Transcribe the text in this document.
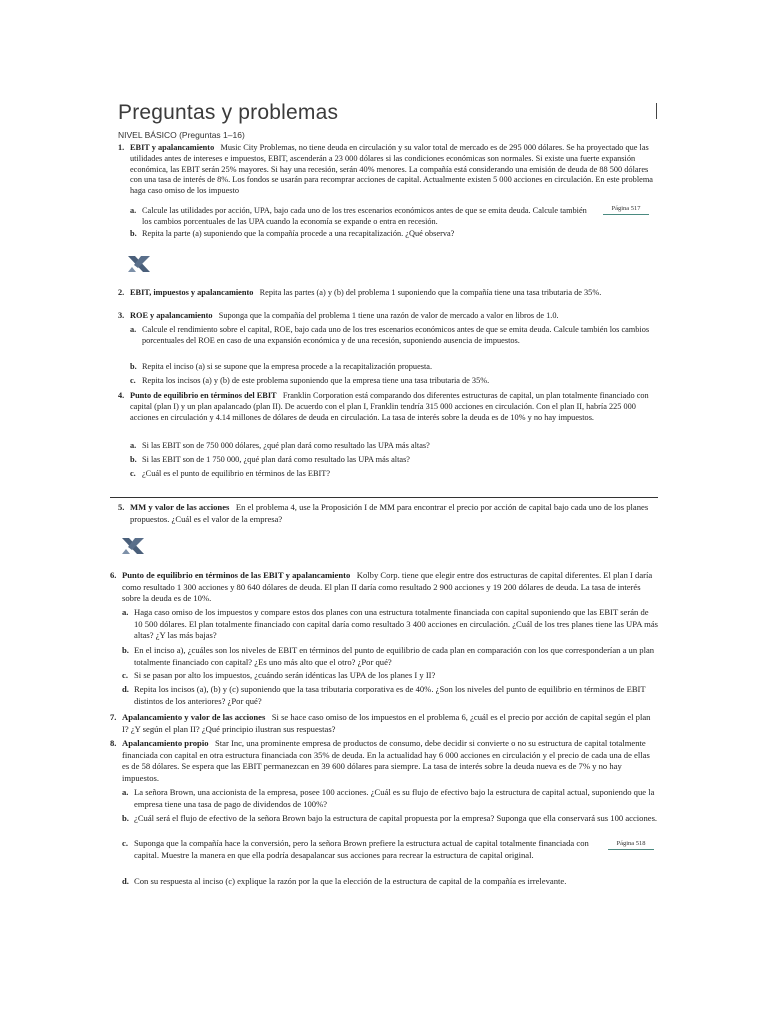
Preguntas y problemas
NIVEL BÁSICO (Preguntas 1–16)
1. EBIT y apalancamiento Music City Problemas, no tiene deuda en circulación y su valor total de mercado es de 295 000 dólares. Se ha proyectado que las utilidades antes de intereses e impuestos, EBIT, ascenderán a 23 000 dólares si las condiciones económicas son normales. Si existe una fuerte expansión económica, las EBIT serán 25% mayores. Si hay una recesión, serán 40% menores. La compañía está considerando una emisión de deuda de 88 500 dólares con una tasa de interés de 8%. Los fondos se usarán para recomprar acciones de capital. Actualmente existen 5 000 acciones en circulación. En este problema haga caso omiso de los impuesto
a. Calcule las utilidades por acción, UPA, bajo cada uno de los tres escenarios económicos antes de que se emita deuda. Calcule también los cambios porcentuales de las UPA cuando la economía se expande o entra en recesión.
Página 517
b. Repita la parte (a) suponiendo que la compañía procede a una recapitalización. ¿Qué observa?
2. EBIT, impuestos y apalancamiento Repita las partes (a) y (b) del problema 1 suponiendo que la compañía tiene una tasa tributaria de 35%.
3. ROE y apalancamiento Suponga que la compañía del problema 1 tiene una razón de valor de mercado a valor en libros de 1.0.
a. Calcule el rendimiento sobre el capital, ROE, bajo cada uno de los tres escenarios económicos antes de que se emita deuda. Calcule también los cambios porcentuales del ROE en caso de una expansión económica y de una recesión, suponiendo ausencia de impuestos.
b. Repita el inciso (a) si se supone que la empresa procede a la recapitalización propuesta.
c. Repita los incisos (a) y (b) de este problema suponiendo que la empresa tiene una tasa tributaria de 35%.
4. Punto de equilibrio en términos del EBIT Franklin Corporation está comparando dos diferentes estructuras de capital, un plan totalmente financiado con capital (plan I) y un plan apalancado (plan II). De acuerdo con el plan I, Franklin tendría 315 000 acciones en circulación. Con el plan II, habría 225 000 acciones en circulación y 4.14 millones de dólares de deuda en circulación. La tasa de interés sobre la deuda es de 10% y no hay impuestos.
a. Si las EBIT son de 750 000 dólares, ¿qué plan dará como resultado las UPA más altas?
b. Si las EBIT son de 1 750 000, ¿qué plan dará como resultado las UPA más altas?
c. ¿Cuál es el punto de equilibrio en términos de las EBIT?
5. MM y valor de las acciones En el problema 4, use la Proposición I de MM para encontrar el precio por acción de capital bajo cada uno de los planes propuestos. ¿Cuál es el valor de la empresa?
6. Punto de equilibrio en términos de las EBIT y apalancamiento Kolby Corp. tiene que elegir entre dos estructuras de capital diferentes. El plan I daría como resultado 1 300 acciones y 80 640 dólares de deuda. El plan II daría como resultado 2 900 acciones y 19 200 dólares de deuda. La tasa de interés sobre la deuda es de 10%.
a. Haga caso omiso de los impuestos y compare estos dos planes con una estructura totalmente financiada con capital suponiendo que las EBIT serán de 10 500 dólares. El plan totalmente financiado con capital daría como resultado 3 400 acciones en circulación. ¿Cuál de los tres planes tiene las UPA más altas? ¿Y las más bajas?
b. En el inciso a), ¿cuáles son los niveles de EBIT en términos del punto de equilibrio de cada plan en comparación con los que corresponderían a un plan totalmente financiado con capital? ¿Es uno más alto que el otro? ¿Por qué?
c. Si se pasan por alto los impuestos, ¿cuándo serán idénticas las UPA de los planes I y II?
d. Repita los incisos (a), (b) y (c) suponiendo que la tasa tributaria corporativa es de 40%. ¿Son los niveles del punto de equilibrio en términos de EBIT distintos de los anteriores? ¿Por qué?
7. Apalancamiento y valor de las acciones Si se hace caso omiso de los impuestos en el problema 6, ¿cuál es el precio por acción de capital según el plan I? ¿Y según el plan II? ¿Qué principio ilustran sus respuestas?
8. Apalancamiento propio Star Inc, una prominente empresa de productos de consumo, debe decidir si convierte o no su estructura de capital totalmente financiada con capital en otra estructura financiada con 35% de deuda. En la actualidad hay 6 000 acciones en circulación y el precio de cada una de ellas es de 58 dólares. Se espera que las EBIT permanezcan en 39 600 dólares para siempre. La tasa de interés sobre la deuda nueva es de 7% y no hay impuestos.
a. La señora Brown, una accionista de la empresa, posee 100 acciones. ¿Cuál es su flujo de efectivo bajo la estructura de capital actual, suponiendo que la empresa tiene una tasa de pago de dividendos de 100%?
b. ¿Cuál será el flujo de efectivo de la señora Brown bajo la estructura de capital propuesta por la empresa? Suponga que ella conservará sus 100 acciones.
c. Suponga que la compañía hace la conversión, pero la señora Brown prefiere la estructura actual de capital totalmente financiada con capital. Muestre la manera en que ella podría desapalancar sus acciones para recrear la estructura de capital original.
Página 518
d. Con su respuesta al inciso (c) explique la razón por la que la elección de la estructura de capital de la compañía es irrelevante.
